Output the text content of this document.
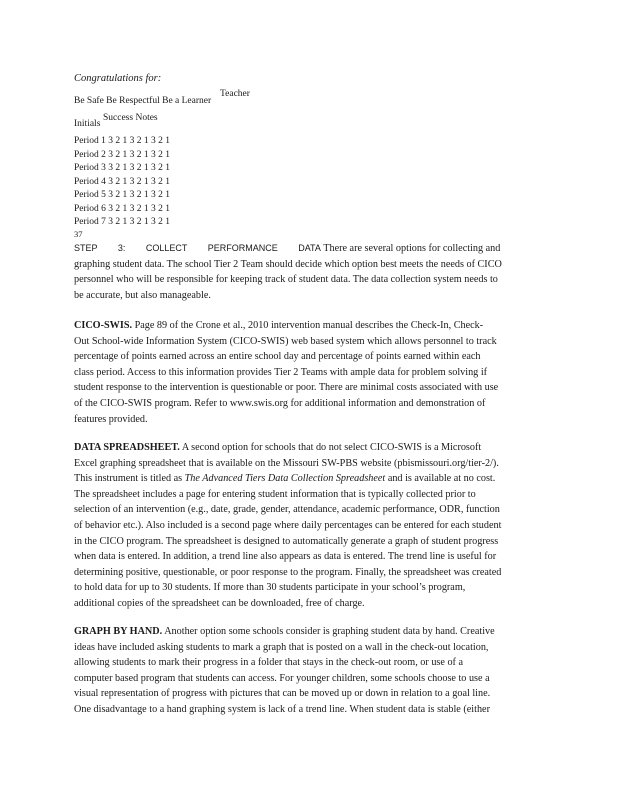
Congratulations for:
Be Safe Be Respectful Be a Learner
Teacher
Success Notes
Initials
Period 1 3 2 1 3 2 1 3 2 1
Period 2 3 2 1 3 2 1 3 2 1
Period 3 3 2 1 3 2 1 3 2 1
Period 4 3 2 1 3 2 1 3 2 1
Period 5 3 2 1 3 2 1 3 2 1
Period 6 3 2 1 3 2 1 3 2 1
Period 7 3 2 1 3 2 1 3 2 1
37
STEP 3: COLLECT PERFORMANCE DATA There are several options for collecting and
graphing student data. The school Tier 2 Team should decide which option best meets the needs of CICO
personnel who will be responsible for keeping track of student data. The data collection system needs to
be accurate, but also manageable.
CICO-SWIS. Page 89 of the Crone et al., 2010 intervention manual describes the Check-In, Check-
Out School-wide Information System (CICO-SWIS) web based system which allows personnel to track
percentage of points earned across an entire school day and percentage of points earned within each
class period. Access to this information provides Tier 2 Teams with ample data for problem solving if
student response to the intervention is questionable or poor. There are minimal costs associated with use
of the CICO-SWIS program. Refer to www.swis.org for additional information and demonstration of
features provided.
DATA SPREADSHEET. A second option for schools that do not select CICO-SWIS is a Microsoft
Excel graphing spreadsheet that is available on the Missouri SW-PBS website (pbismissouri.org/tier-2/).
This instrument is titled as The Advanced Tiers Data Collection Spreadsheet and is available at no cost.
The spreadsheet includes a page for entering student information that is typically collected prior to
selection of an intervention (e.g., date, grade, gender, attendance, academic performance, ODR, function
of behavior etc.). Also included is a second page where daily percentages can be entered for each student
in the CICO program. The spreadsheet is designed to automatically generate a graph of student progress
when data is entered. In addition, a trend line also appears as data is entered. The trend line is useful for
determining positive, questionable, or poor response to the program. Finally, the spreadsheet was created
to hold data for up to 30 students. If more than 30 students participate in your school’s program,
additional copies of the spreadsheet can be downloaded, free of charge.
GRAPH BY HAND. Another option some schools consider is graphing student data by hand. Creative
ideas have included asking students to mark a graph that is posted on a wall in the check-out location,
allowing students to mark their progress in a folder that stays in the check-out room, or use of a
computer based program that students can access. For younger children, some schools choose to use a
visual representation of progress with pictures that can be moved up or down in relation to a goal line.
One disadvantage to a hand graphing system is lack of a trend line. When student data is stable (either
